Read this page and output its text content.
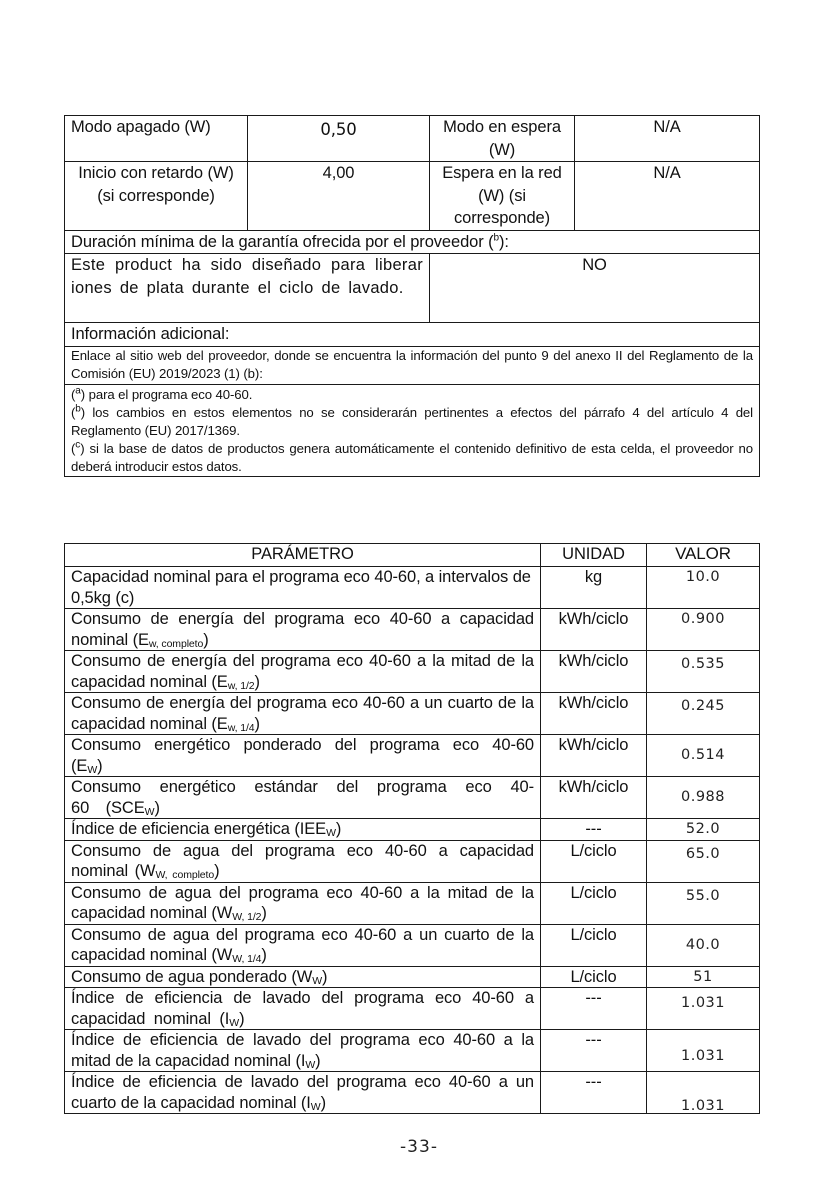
Modo apagado (W)	0,50	Modo en espera (W)	N/A
Inicio con retardo (W) (si corresponde)	4,00	Espera en la red (W) (si corresponde)	N/A
Duración mínima de la garantía ofrecida por el proveedor ($^b$):			
Este product ha sido diseñado para liberar iones de plata durante el ciclo de lavado.		NO	
Información adicional:			
Enlace al sitio web del proveedor, donde se encuentra la información del punto 9 del anexo II del Reglamento de la Comisión (EU) 2019/2023 (1) (b):			

($^a$) para el programa eco 40-60.
($^b$) los cambios en estos elementos no se considerarán pertinentes a efectos del párrafo 4 del artículo 4 del Reglamento (EU) 2017/1369.
($^c$) si la base de datos de productos genera automáticamente el contenido definitivo de esta celda, el proveedor no deberá introducir estos datos.			
PARÁMETRO	UNIDAD	VALOR
Capacidad nominal para el programa eco 40-60, a intervalos de 0,5kg (c)	kg	10.0
Consumo de energía del programa eco 40-60 a capacidad nominal $(E_{w, completo})$	kWh/ciclo	0.900
Consumo de energía del programa eco 40-60 a la mitad de la capacidad nominal $(E_{w, 1/2})$	kWh/ciclo	0.535
Consumo de energía del programa eco 40-60 a un cuarto de la capacidad nominal $(E_{w, 1/4})$	kWh/ciclo	0.245
Consumo energético ponderado del programa eco 40-60 $(E_W)$	kWh/ciclo	0.514
Consumo energético estándar del programa eco 40-60 $(SCE_W)$	kWh/ciclo	0.988
Índice de eficiencia energética $(IEE_W)$	---	52.0
Consumo de agua del programa eco 40-60 a capacidad nominal $(W_{W, completo})$	L/ciclo	65.0
Consumo de agua del programa eco 40-60 a la mitad de la capacidad nominal $(W_{W, 1/2})$	L/ciclo	55.0
Consumo de agua del programa eco 40-60 a un cuarto de la capacidad nominal $(W_{W, 1/4})$	L/ciclo	40.0
Consumo de agua ponderado $(W_W)$	L/ciclo	51
Índice de eficiencia de lavado del programa eco 40-60 a capacidad nominal $(I_W)$	---	1.031
Índice de eficiencia de lavado del programa eco 40-60 a la mitad de la capacidad nominal $(I_W)$	---	1.031
Índice de eficiencia de lavado del programa eco 40-60 a un cuarto de la capacidad nominal $(I_W)$	---	1.031
-33-
